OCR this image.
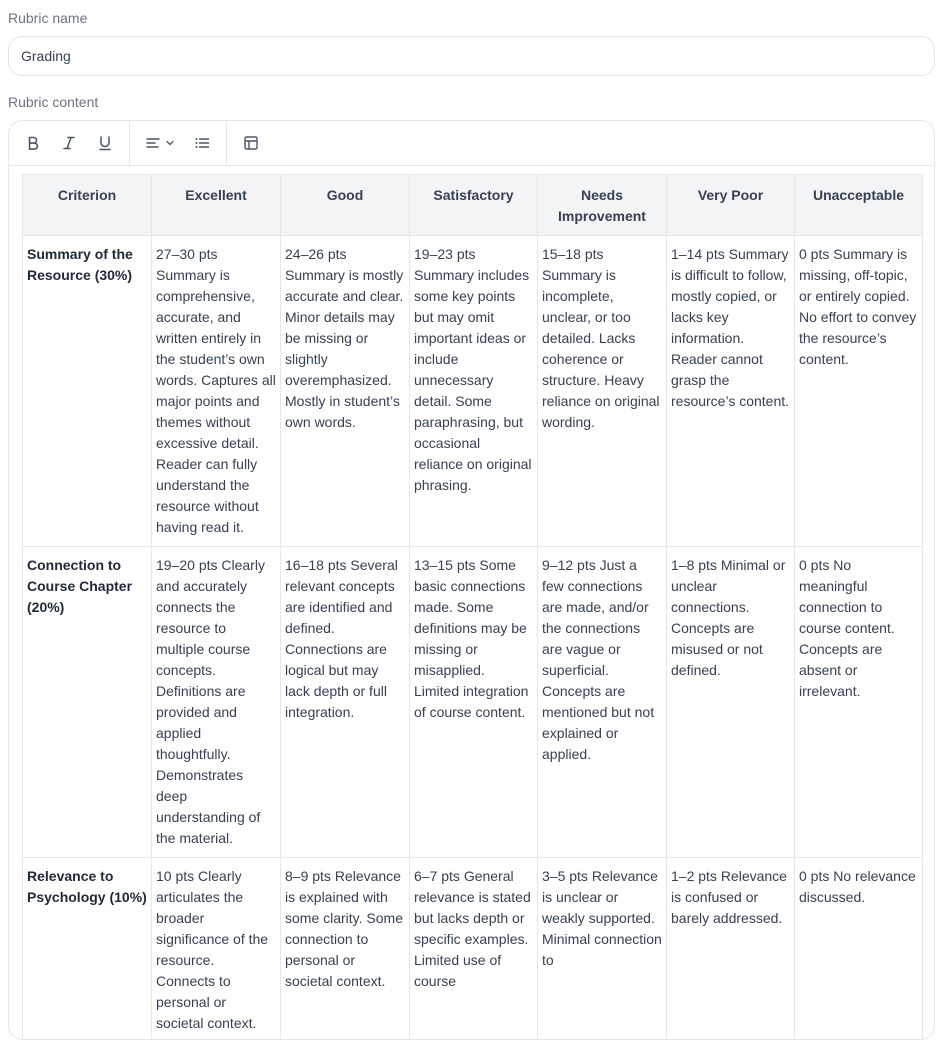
Rubric name
Grading
Rubric content
Criterion	Excellent	Good	Satisfactory	Needs Improvement	Very Poor	Unacceptable
Summary of the Resource (30%)	27–30 pts Summary is comprehensive, accurate, and written entirely in the student’s own words. Captures all major points and themes without excessive detail. Reader can fully understand the resource without having read it.	24–26 pts Summary is mostly accurate and clear. Minor details may be missing or slightly overemphasized. Mostly in student’s own words.	19–23 pts Summary includes some key points but may omit important ideas or include unnecessary detail. Some paraphrasing, but occasional reliance on original phrasing.	15–18 pts Summary is incomplete, unclear, or too detailed. Lacks coherence or structure. Heavy reliance on original wording.	1–14 pts Summary is difficult to follow, mostly copied, or lacks key information. Reader cannot grasp the resource’s content.	0 pts Summary is missing, off-topic, or entirely copied. No effort to convey the resource’s content.
Connection to Course Chapter (20%)	19–20 pts Clearly and accurately connects the resource to multiple course concepts. Definitions are provided and applied thoughtfully. Demonstrates deep understanding of the material.	16–18 pts Several relevant concepts are identified and defined. Connections are logical but may lack depth or full integration.	13–15 pts Some basic connections made. Some definitions may be missing or misapplied. Limited integration of course content.	9–12 pts Just a few connections are made, and/or the connections are vague or superficial. Concepts are mentioned but not explained or applied.	1–8 pts Minimal or unclear connections. Concepts are misused or not defined.	0 pts No meaningful connection to course content. Concepts are absent or irrelevant.
Relevance to Psychology (10%)	10 pts Clearly articulates the broader significance of the resource. Connects to personal or societal context.	8–9 pts Relevance is explained with some clarity. Some connection to personal or societal context.	6–7 pts General relevance is stated but lacks depth or specific examples. Limited use of course	3–5 pts Relevance is unclear or weakly supported. Minimal connection to	1–2 pts Relevance is confused or barely addressed.	0 pts No relevance discussed.
